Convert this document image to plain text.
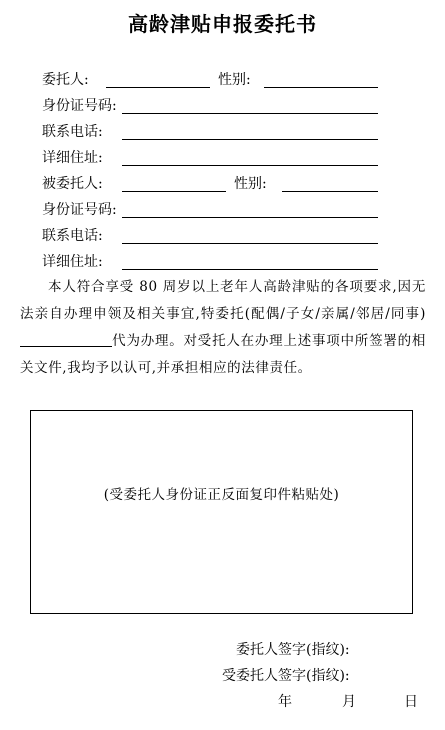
高龄津贴申报委托书
委托人:	性别:
身份证号码:
联系电话:
详细住址:
被委托人:	性别:
身份证号码:
联系电话:
详细住址:
本人符合享受 80 周岁以上老年人高龄津贴的各项要求,因无法亲自办理申领及相关事宜,特委托(配偶/子女/亲属/邻居/同事)代为办理。对受托人在办理上述事项中所签署的相关文件,我均予以认可,并承担相应的法律责任。
(受委托人身份证正反面复印件粘贴处)
委托人签字(指纹):
受委托人签字(指纹):
年	月	日
